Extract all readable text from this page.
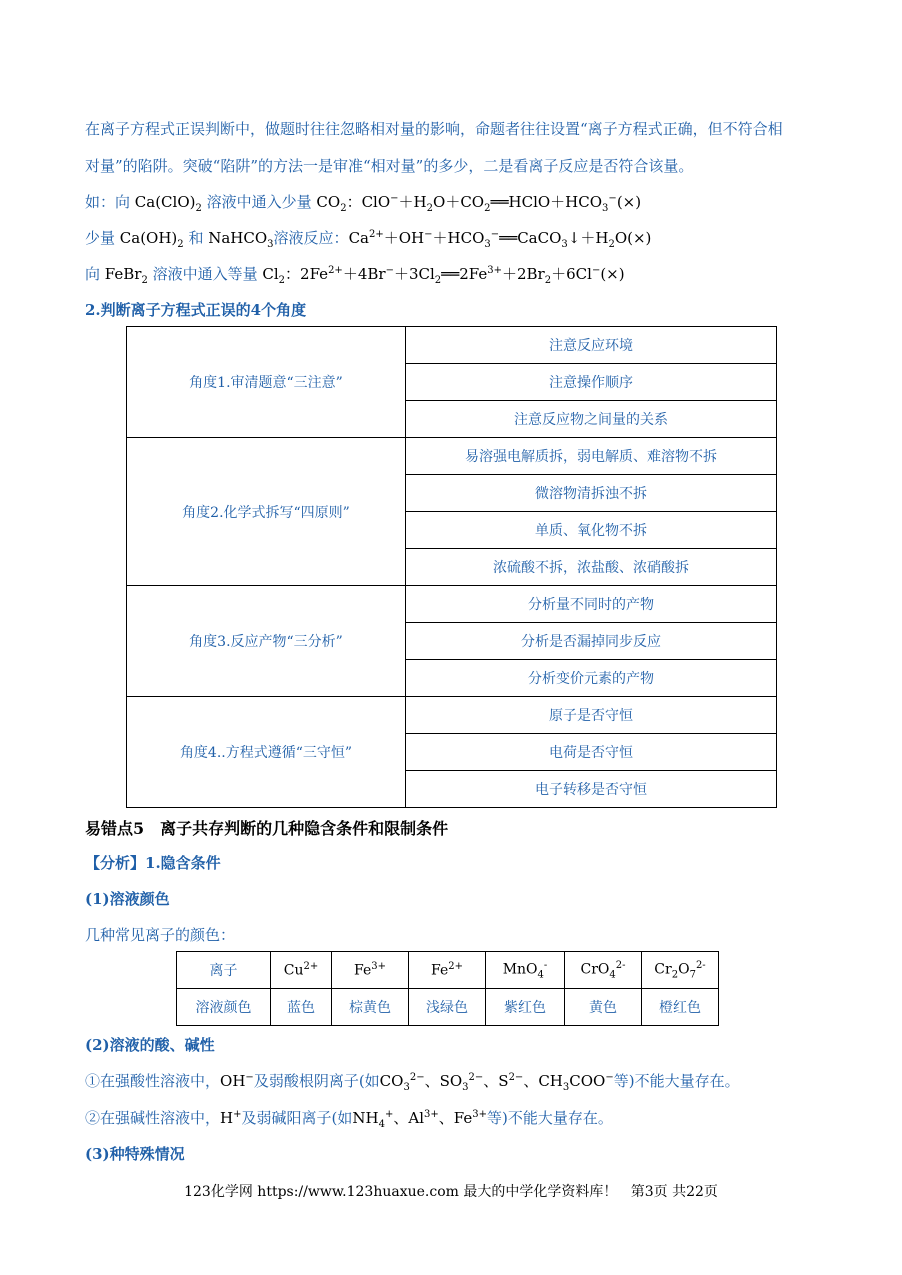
在离子方程式正误判断中，做题时往往忽略相对量的影响，命题者往往设置“离子方程式正确，但不符合相
对量”的陷阱。突破“陷阱”的方法一是审准“相对量”的多少，二是看离子反应是否符合该量。
如：向 $Ca(ClO)_2$ 溶液中通入少量 $CO_2$：$ClO^-+H_2O+CO_2══HClO+HCO_3^-(\times)$
少量 $Ca(OH)_2$ 和 NaHCO$_3$溶液反应：$Ca^{2+}+OH^-+HCO_3^-══CaCO_3↓+H_2O(\times)$
向 FeBr$_2$ 溶液中通入等量 $Cl_2$：$2Fe^{2+}+4Br^-+3Cl_2══2Fe^{3+}+2Br_2+6Cl^-(\times)$
2.判断离子方程式正误的4个角度
角度1.审清题意“三注意”	注意反应环境
	注意操作顺序
	注意反应物之间量的关系
角度2.化学式拆写“四原则”	易溶强电解质拆，弱电解质、难溶物不拆
	微溶物清拆浊不拆
	单质、氧化物不拆
	浓硫酸不拆，浓盐酸、浓硝酸拆
角度3.反应产物“三分析”	分析量不同时的产物
	分析是否漏掉同步反应
	分析变价元素的产物
角度4..方程式遵循“三守恒”	原子是否守恒
	电荷是否守恒
	电子转移是否守恒
易错点5　离子共存判断的几种隐含条件和限制条件
【分析】1.隐含条件
(1)溶液颜色
几种常见离子的颜色：
离子	$Cu^{2+}$	$Fe^{3+}$	$Fe^{2+}$	MnO$_4$-	CrO$_4^{2-}$	$Cr_2O_7^{2-}$
溶液颜色	蓝色	棕黄色	浅绿色	紫红色	黄色	橙红色
(2)溶液的酸、碱性
①在强酸性溶液中，OH−及弱酸根阴离子(如$CO_3^{2-}$、$SO_3^{2-}$、$S^{2-}$、$CH_3COO^-$等)不能大量存在。
②在强碱性溶液中，H+及弱碱阳离子(如$NH_4^+$、$Al^{3+}$、$Fe^{3+}$等)不能大量存在。
(3)种特殊情况
123化学网 https://www.123huaxue.com 最大的中学化学资料库！ 第3页 共22页
